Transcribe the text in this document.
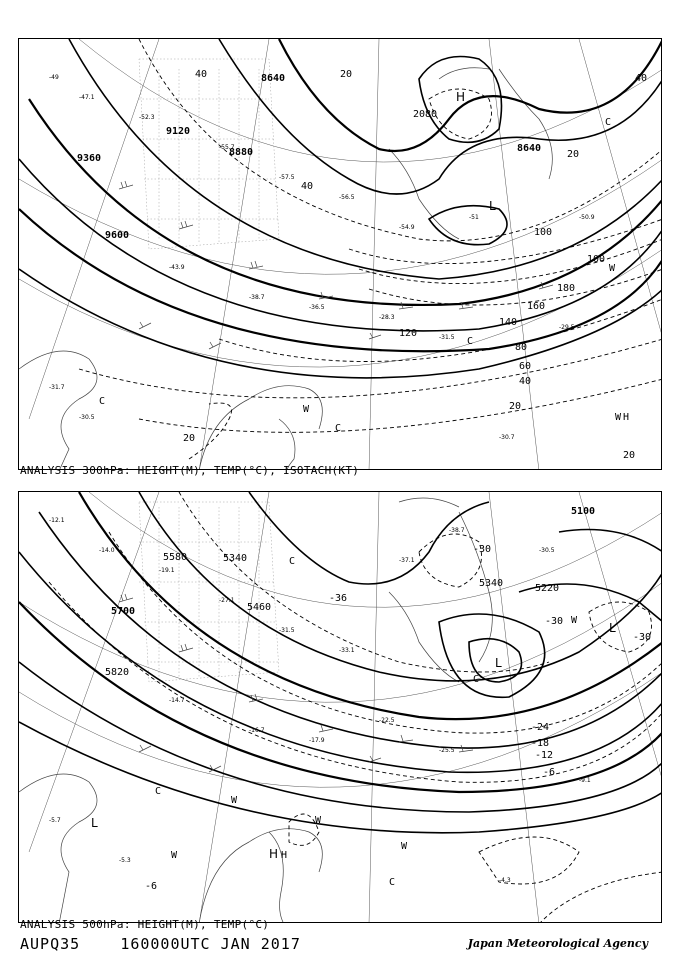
-49
-47.1
-52.3
-55.7
-57.5
-56.5
-54.9
-51
-43.9
-38.7
-36.5
-28.3
-31.5
-31.7
-30.5
-30.7
-29.5
-50.9
8640
9120
8880
9360
9600
8640
40	20
40
20
40
20 80
100
120
140
160
180
100
80
60
40
20
20
20
H
L
C
C
W
W
C
W H
C
ANALYSIS 300hPa: HEIGHT(M), TEMP(°C), ISOTACH(KT)
-12.1
-14.0
-19.1
-27.1
-31.5
-33.1
-37.1
-38.7
-14.7
-16.7
-17.9
-22.5
-25.5
-5.7
-5.3
-4.3
-9.1
-30.5
5100
5340
5340
5460
5580
5700
5820
5220
-36
-30
-30
-30
-24
-18
-12
-6
-6
L
L
H
W
W
W
W
C
C
W
C
C
L
H
ANALYSIS 500hPa: HEIGHT(M), TEMP(°C)
AUPQ35	160000UTC JAN 2017	Japan Meteorological Agency
